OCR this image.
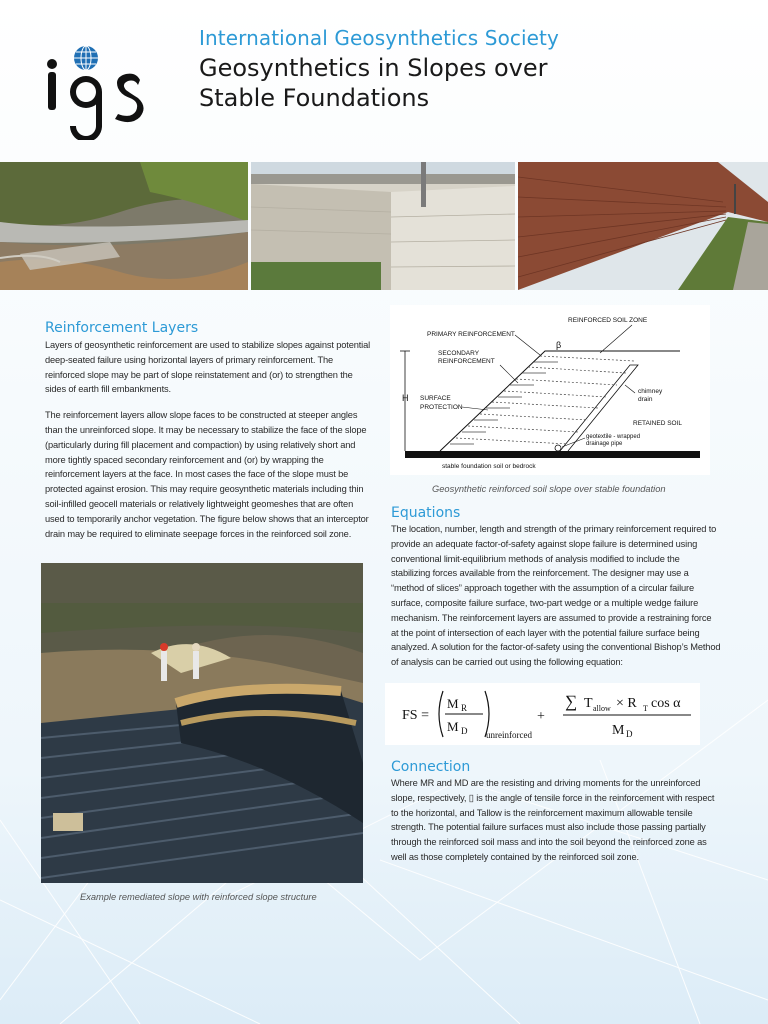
International Geosynthetics Society
Geosynthetics in Slopes over
Stable Foundations
Reinforcement Layers

Layers of geosynthetic reinforcement are used to stabilize slopes against potential deep-seated failure using horizontal layers of primary reinforcement. The reinforced slope may be part of slope reinstatement and (or) to strengthen the sides of earth fill embankments.

The reinforcement layers allow slope faces to be constructed at steeper angles than the unreinforced slope. It may be necessary to stabilize the face of the slope (particularly during fill placement and compaction) by using relatively short and more tightly spaced secondary reinforcement and (or) by wrapping the reinforcement layers at the face. In most cases the face of the slope must be protected against erosion. This may require geosynthetic materials including thin soil-infilled geocell materials or relatively lightweight geomeshes that are often used to temporarily anchor vegetation. The figure below shows that an interceptor drain may be required to eliminate seepage forces in the reinforced soil zone.

Example remediated slope with reinforced slope structure
REINFORCED SOIL ZONE
PRIMARY REINFORCEMENT
β
SECONDARY
REINFORCEMENT
H SURFACE
PROTECTION
chimney
drain
RETAINED SOIL
geotextile - wrapped
drainage pipe
stable foundation soil or bedrock
Geosynthetic reinforced soil slope over stable foundation
Equations

The location, number, length and strength of the primary reinforcement required to provide an adequate factor-of-safety against slope failure is determined using conventional limit-equilibrium methods of analysis modified to include the stabilizing forces available from the reinforcement. The designer may use a “method of slices” approach together with the assumption of a circular failure surface, composite failure surface, two-part wedge or a multiple wedge failure mechanism. The reinforcement layers are assumed to provide a restraining force at the point of intersection of each layer with the potential failure surface being analyzed. A solution for the factor-of-safety using the conventional Bishop’s Method of analysis can be carried out using the following equation:

FS =
M R
M D unreinforced
+
∑ T allow × R T cos α
M D
Connection

Where MR and MD are the resisting and driving moments for the unreinforced slope, respectively, ▯ is the angle of tensile force in the reinforcement with respect to the horizontal, and Tallow is the reinforcement maximum allowable tensile strength. The potential failure surfaces must also include those passing partially through the reinforced soil mass and into the soil beyond the reinforced zone as well as those completely contained by the reinforced soil zone.
